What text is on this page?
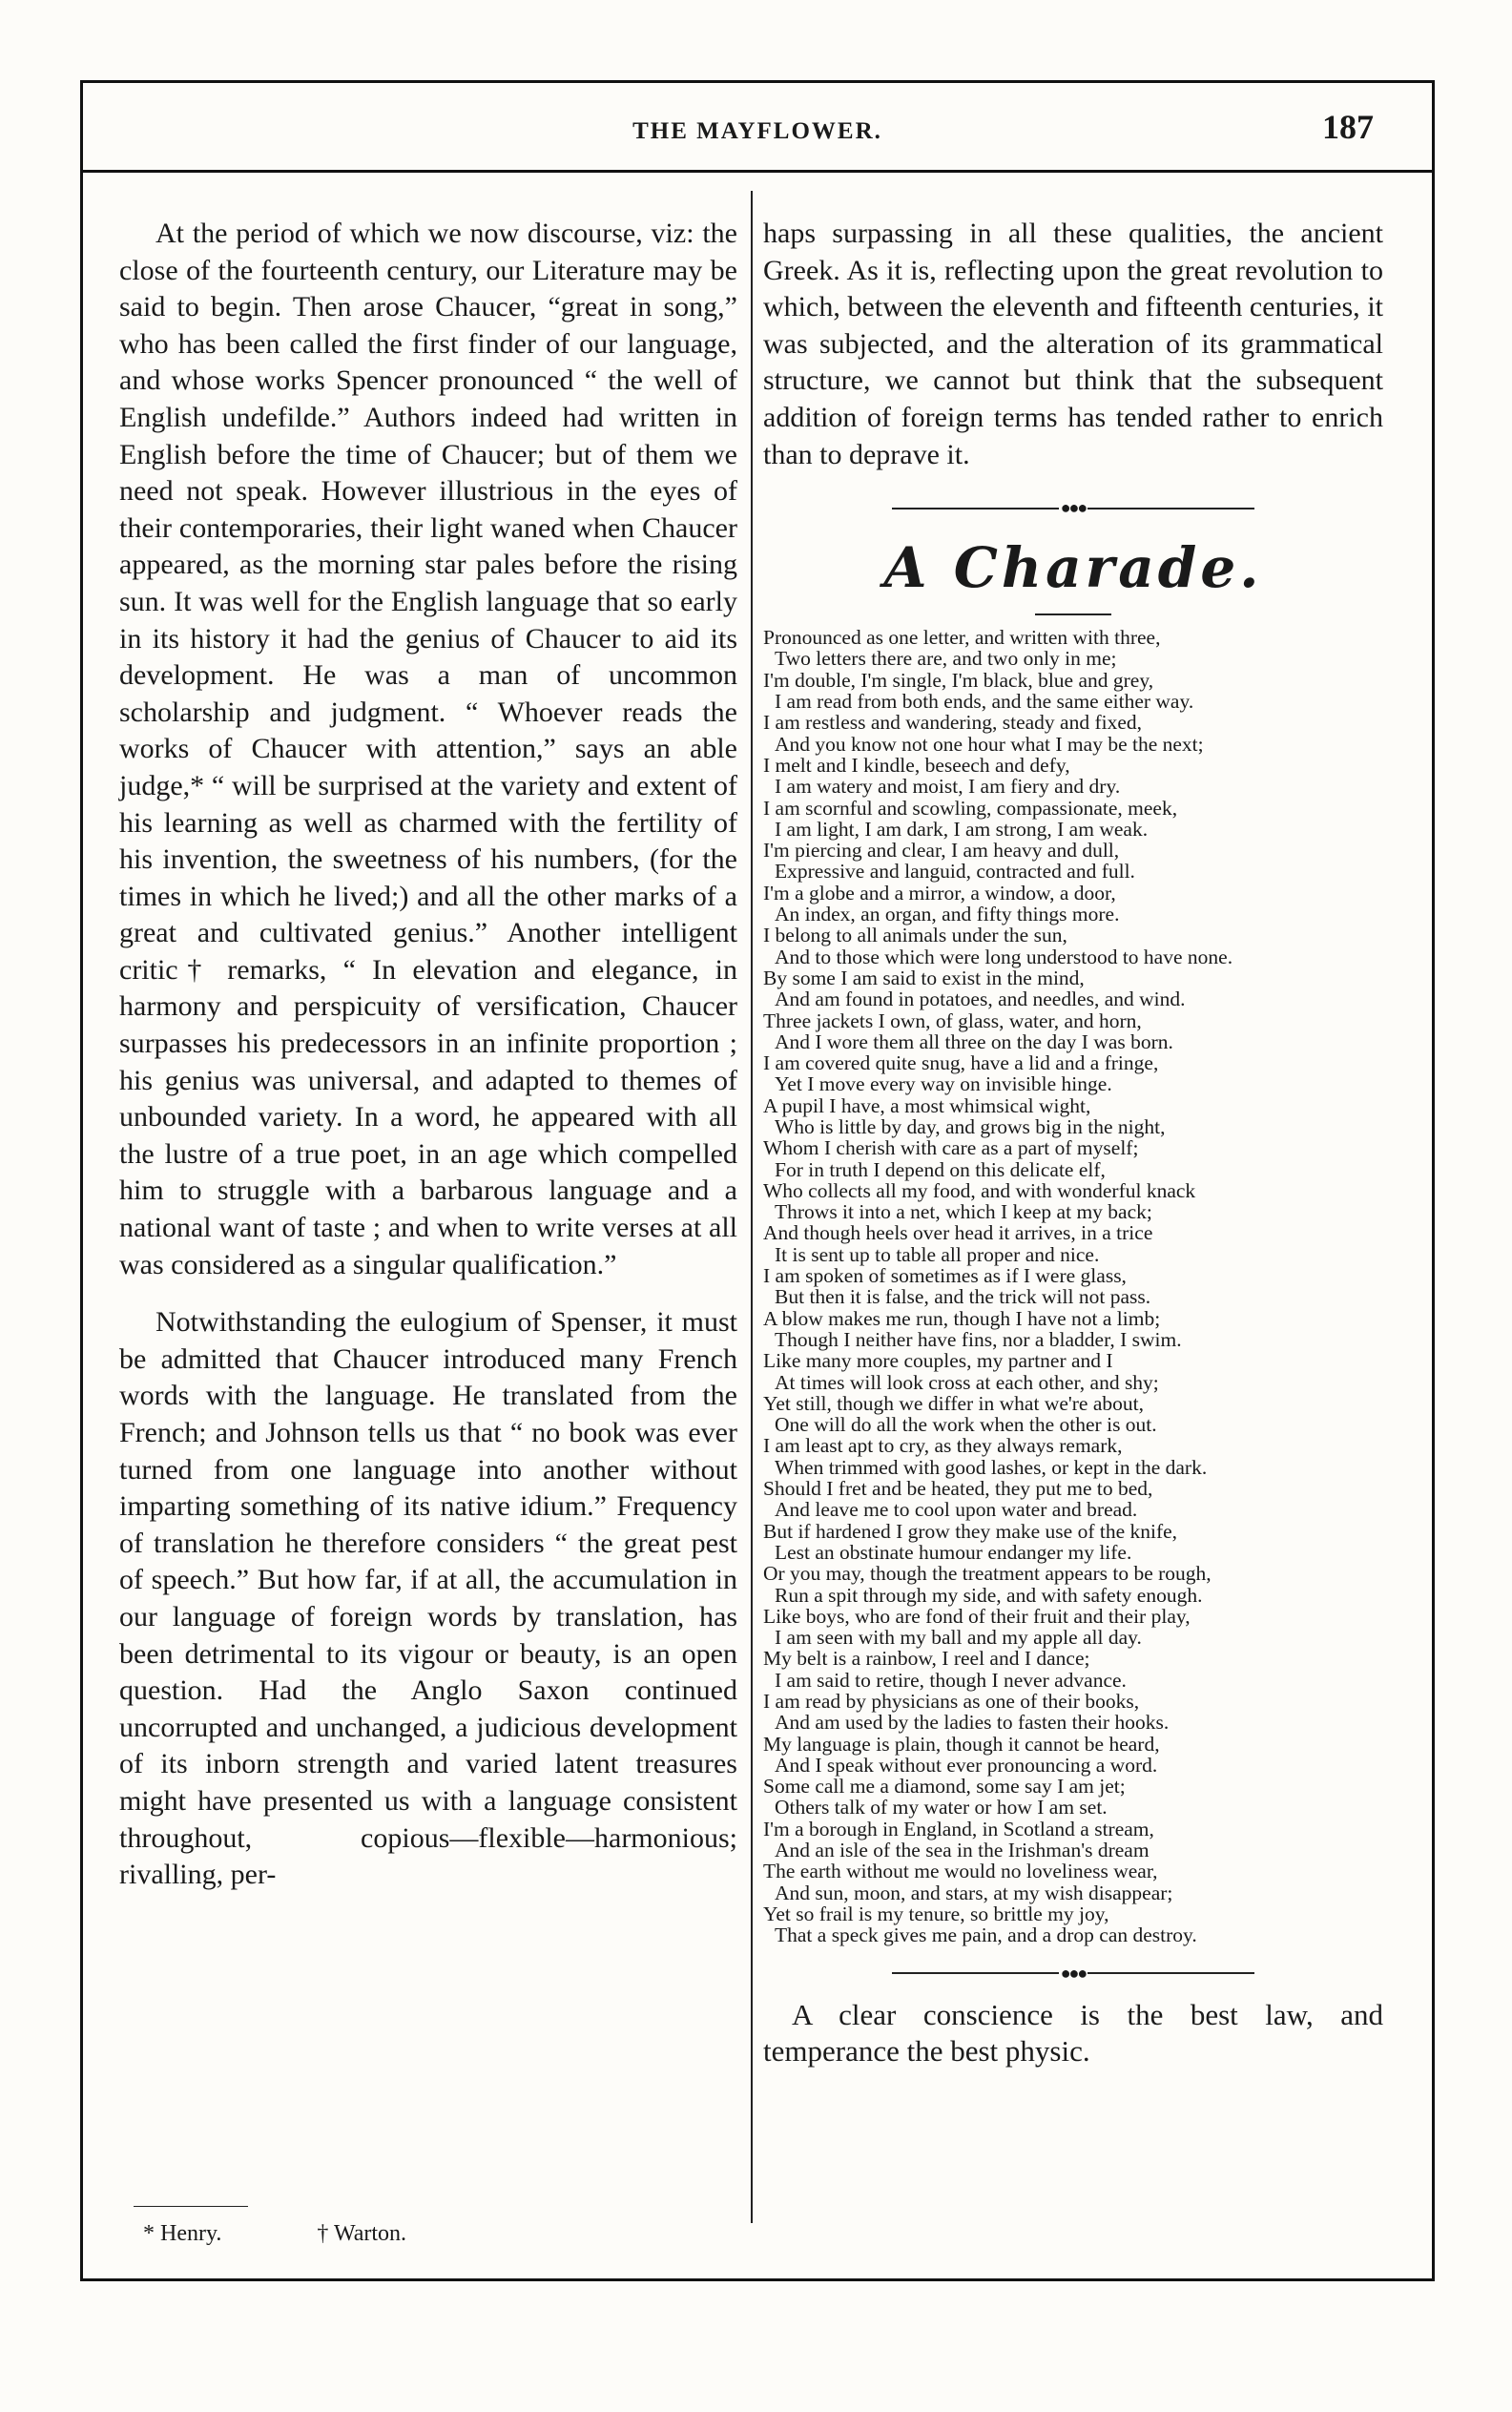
THE MAYFLOWER.	187

At the period of which we now discourse, viz: the close of the fourteenth century, our Literature may be said to begin. Then arose Chaucer, “great in song,” who has been called the first finder of our language, and whose works Spencer pronounced “ the well of English undefilde.” Authors indeed had written in English before the time of Chaucer; but of them we need not speak. However illustrious in the eyes of their contemporaries, their light waned when Chaucer appeared, as the morning star pales before the rising sun. It was well for the English language that so early in its history it had the genius of Chaucer to aid its development. He was a man of uncommon scholarship and judgment. “ Whoever reads the works of Chaucer with attention,” says an able judge,* “ will be surprised at the variety and extent of his learning as well as charmed with the fertility of his invention, the sweetness of his numbers, (for the times in which he lived;) and all the other marks of a great and cultivated genius.” Another intelligent critic† remarks, “ In elevation and elegance, in harmony and perspicuity of versification, Chaucer surpasses his predecessors in an infinite proportion ; his genius was universal, and adapted to themes of unbounded variety. In a word, he appeared with all the lustre of a true poet, in an age which compelled him to struggle with a barbarous language and a national want of taste ; and when to write verses at all was considered as a singular qualification.”

Notwithstanding the eulogium of Spenser, it must be admitted that Chaucer introduced many French words with the language. He translated from the French; and Johnson tells us that “ no book was ever turned from one language into another without imparting something of its native idium.” Frequency of translation he therefore considers “ the great pest of speech.” But how far, if at all, the accumulation in our language of foreign words by translation, has been detrimental to its vigour or beauty, is an open question. Had the Anglo Saxon continued uncorrupted and unchanged, a judicious development of its inborn strength and varied latent treasures might have presented us with a language consistent throughout, copious—flexible—harmonious; rivalling, per-

* Henry.	† Warton.

haps surpassing in all these qualities, the ancient Greek. As it is, reflecting upon the great revolution to which, between the eleventh and fifteenth centuries, it was subjected, and the alteration of its grammatical structure, we cannot but think that the subsequent addition of foreign terms has tended rather to enrich than to deprave it.

●●●
A Charade.
Pronounced as one letter, and written with three,
Two letters there are, and two only in me;
I'm double, I'm single, I'm black, blue and grey,
I am read from both ends, and the same either way.
I am restless and wandering, steady and fixed,
And you know not one hour what I may be the next;
I melt and I kindle, beseech and defy,
I am watery and moist, I am fiery and dry.
I am scornful and scowling, compassionate, meek,
I am light, I am dark, I am strong, I am weak.
I'm piercing and clear, I am heavy and dull,
Expressive and languid, contracted and full.
I'm a globe and a mirror, a window, a door,
An index, an organ, and fifty things more.
I belong to all animals under the sun,
And to those which were long understood to have none.
By some I am said to exist in the mind,
And am found in potatoes, and needles, and wind.
Three jackets I own, of glass, water, and horn,
And I wore them all three on the day I was born.
I am covered quite snug, have a lid and a fringe,
Yet I move every way on invisible hinge.
A pupil I have, a most whimsical wight,
Who is little by day, and grows big in the night,
Whom I cherish with care as a part of myself;
For in truth I depend on this delicate elf,
Who collects all my food, and with wonderful knack
Throws it into a net, which I keep at my back;
And though heels over head it arrives, in a trice
It is sent up to table all proper and nice.
I am spoken of sometimes as if I were glass,
But then it is false, and the trick will not pass.
A blow makes me run, though I have not a limb;
Though I neither have fins, nor a bladder, I swim.
Like many more couples, my partner and I
At times will look cross at each other, and shy;
Yet still, though we differ in what we're about,
One will do all the work when the other is out.
I am least apt to cry, as they always remark,
When trimmed with good lashes, or kept in the dark.
Should I fret and be heated, they put me to bed,
And leave me to cool upon water and bread.
But if hardened I grow they make use of the knife,
Lest an obstinate humour endanger my life.
Or you may, though the treatment appears to be rough,
Run a spit through my side, and with safety enough.
Like boys, who are fond of their fruit and their play,
I am seen with my ball and my apple all day.
My belt is a rainbow, I reel and I dance;
I am said to retire, though I never advance.
I am read by physicians as one of their books,
And am used by the ladies to fasten their hooks.
My language is plain, though it cannot be heard,
And I speak without ever pronouncing a word.
Some call me a diamond, some say I am jet;
Others talk of my water or how I am set.
I'm a borough in England, in Scotland a stream,
And an isle of the sea in the Irishman's dream
The earth without me would no loveliness wear,
And sun, moon, and stars, at my wish disappear;
Yet so frail is my tenure, so brittle my joy,
That a speck gives me pain, and a drop can destroy.
●●●

A clear conscience is the best law, and temperance the best physic.
